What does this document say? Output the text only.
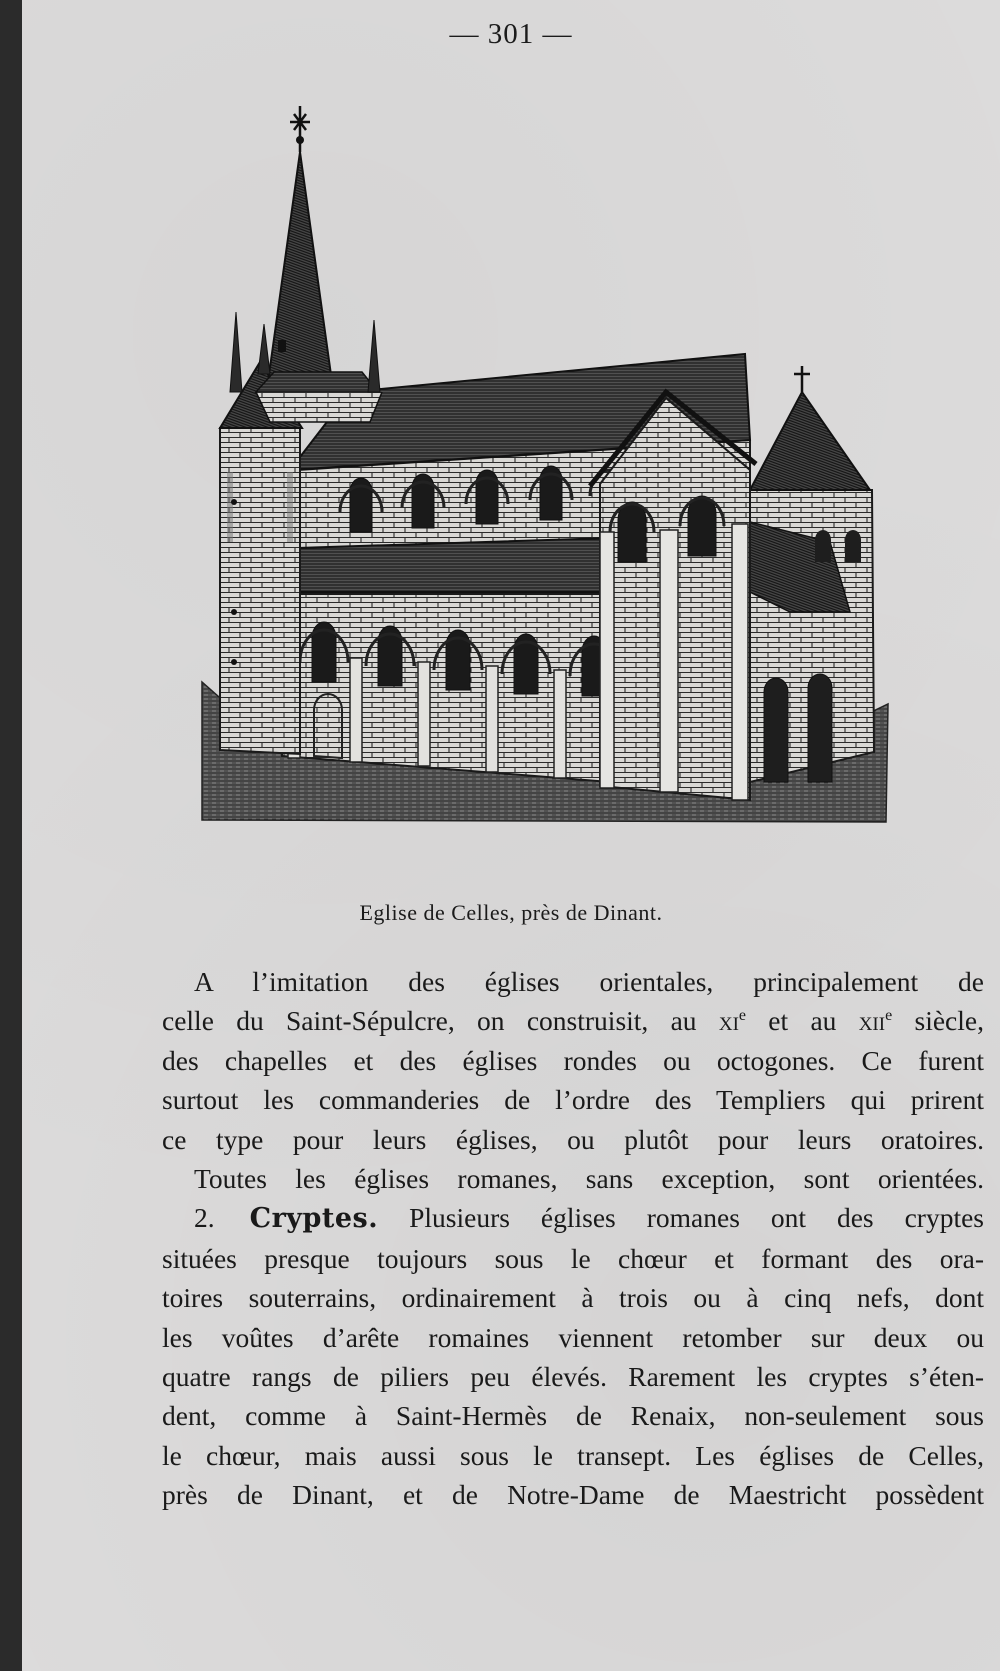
— 301 —
Eglise de Celles, près de Dinant.

A l’imitation des églises orientales, principalement de
celle du Saint-Sépulcre, on construisit, au $xi^e$ et au xii$^e$ siècle,
des chapelles et des églises rondes ou octogones. Ce furent
surtout les commanderies de l’ordre des Templiers qui prirent
ce type pour leurs églises, ou plutôt pour leurs oratoires.

Toutes les églises romanes, sans exception, sont orientées.

2. Cryptes. Plusieurs églises romanes ont des cryptes
situées presque toujours sous le chœur et formant des ora-
toires souterrains, ordinairement à trois ou à cinq nefs, dont
les voûtes d’arête romaines viennent retomber sur deux ou
quatre rangs de piliers peu élevés. Rarement les cryptes s’éten-
dent, comme à Saint-Hermès de Renaix, non-seulement sous
le chœur, mais aussi sous le transept. Les églises de Celles,
près de Dinant, et de Notre-Dame de Maestricht possèdent
